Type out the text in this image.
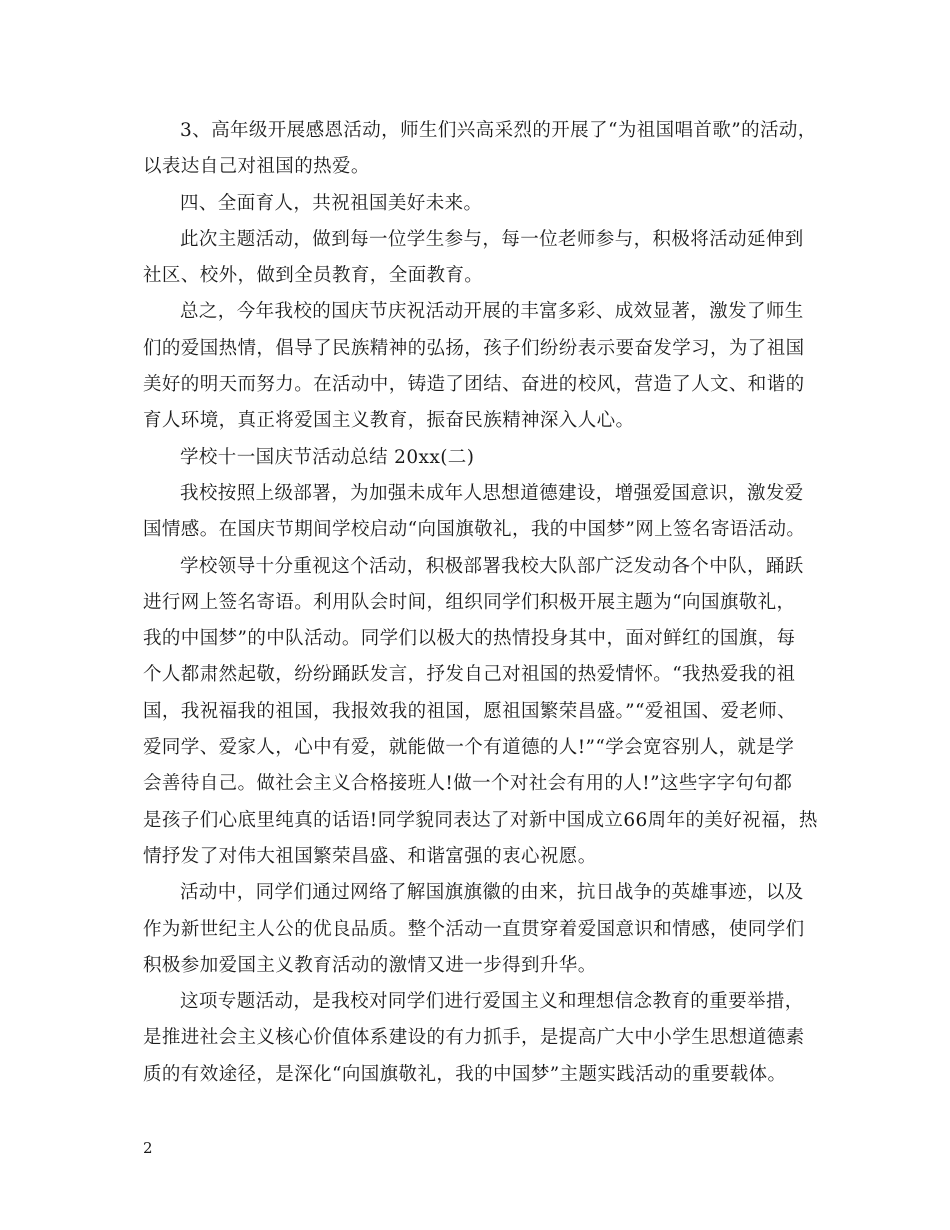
3、高年级开展感恩活动，师生们兴高采烈的开展了“为祖国唱首歌”的活动，
以表达自己对祖国的热爱。
四、全面育人，共祝祖国美好未来。
此次主题活动，做到每一位学生参与，每一位老师参与，积极将活动延伸到
社区、校外，做到全员教育，全面教育。
总之，今年我校的国庆节庆祝活动开展的丰富多彩、成效显著，激发了师生
们的爱国热情，倡导了民族精神的弘扬，孩子们纷纷表示要奋发学习，为了祖国
美好的明天而努力。在活动中，铸造了团结、奋进的校风，营造了人文、和谐的
育人环境，真正将爱国主义教育，振奋民族精神深入人心。
学校十一国庆节活动总结 20xx(二)
我校按照上级部署，为加强未成年人思想道德建设，增强爱国意识，激发爱
国情感。在国庆节期间学校启动“向国旗敬礼，我的中国梦”网上签名寄语活动。
学校领导十分重视这个活动，积极部署我校大队部广泛发动各个中队，踊跃
进行网上签名寄语。利用队会时间，组织同学们积极开展主题为“向国旗敬礼，
我的中国梦”的中队活动。同学们以极大的热情投身其中，面对鲜红的国旗，每
个人都肃然起敬，纷纷踊跃发言，抒发自己对祖国的热爱情怀。“我热爱我的祖
国，我祝福我的祖国，我报效我的祖国，愿祖国繁荣昌盛。”“爱祖国、爱老师、
爱同学、爱家人，心中有爱，就能做一个有道德的人!”“学会宽容别人，就是学
会善待自己。做社会主义合格接班人!做一个对社会有用的人!”这些字字句句都
是孩子们心底里纯真的话语!同学貌同表达了对新中国成立66周年的美好祝福，热
情抒发了对伟大祖国繁荣昌盛、和谐富强的衷心祝愿。
活动中，同学们通过网络了解国旗旗徽的由来，抗日战争的英雄事迹，以及
作为新世纪主人公的优良品质。整个活动一直贯穿着爱国意识和情感，使同学们
积极参加爱国主义教育活动的激情又进一步得到升华。
这项专题活动，是我校对同学们进行爱国主义和理想信念教育的重要举措，
是推进社会主义核心价值体系建设的有力抓手，是提高广大中小学生思想道德素
质的有效途径，是深化“向国旗敬礼，我的中国梦”主题实践活动的重要载体。
2
